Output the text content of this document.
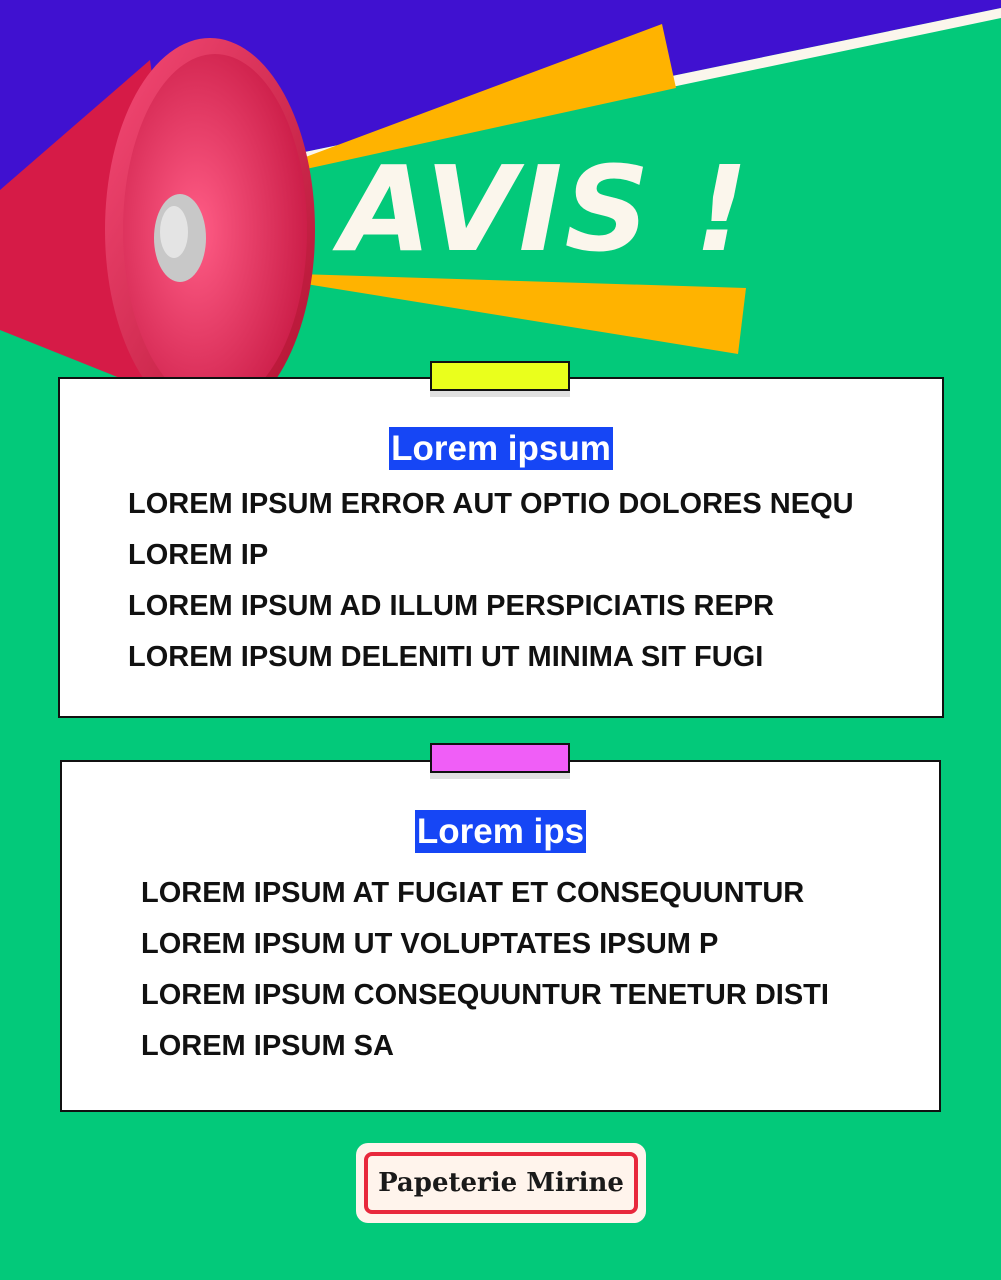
AVIS !
Lorem ipsum
LOREM IPSUM ERROR AUT OPTIO DOLORES NEQU
LOREM IP
LOREM IPSUM AD ILLUM PERSPICIATIS REPR
LOREM IPSUM DELENITI UT MINIMA SIT FUGI
Lorem ips
LOREM IPSUM AT FUGIAT ET CONSEQUUNTUR
LOREM IPSUM UT VOLUPTATES IPSUM P
LOREM IPSUM CONSEQUUNTUR TENETUR DISTI
LOREM IPSUM SA
Papeterie Mirine
